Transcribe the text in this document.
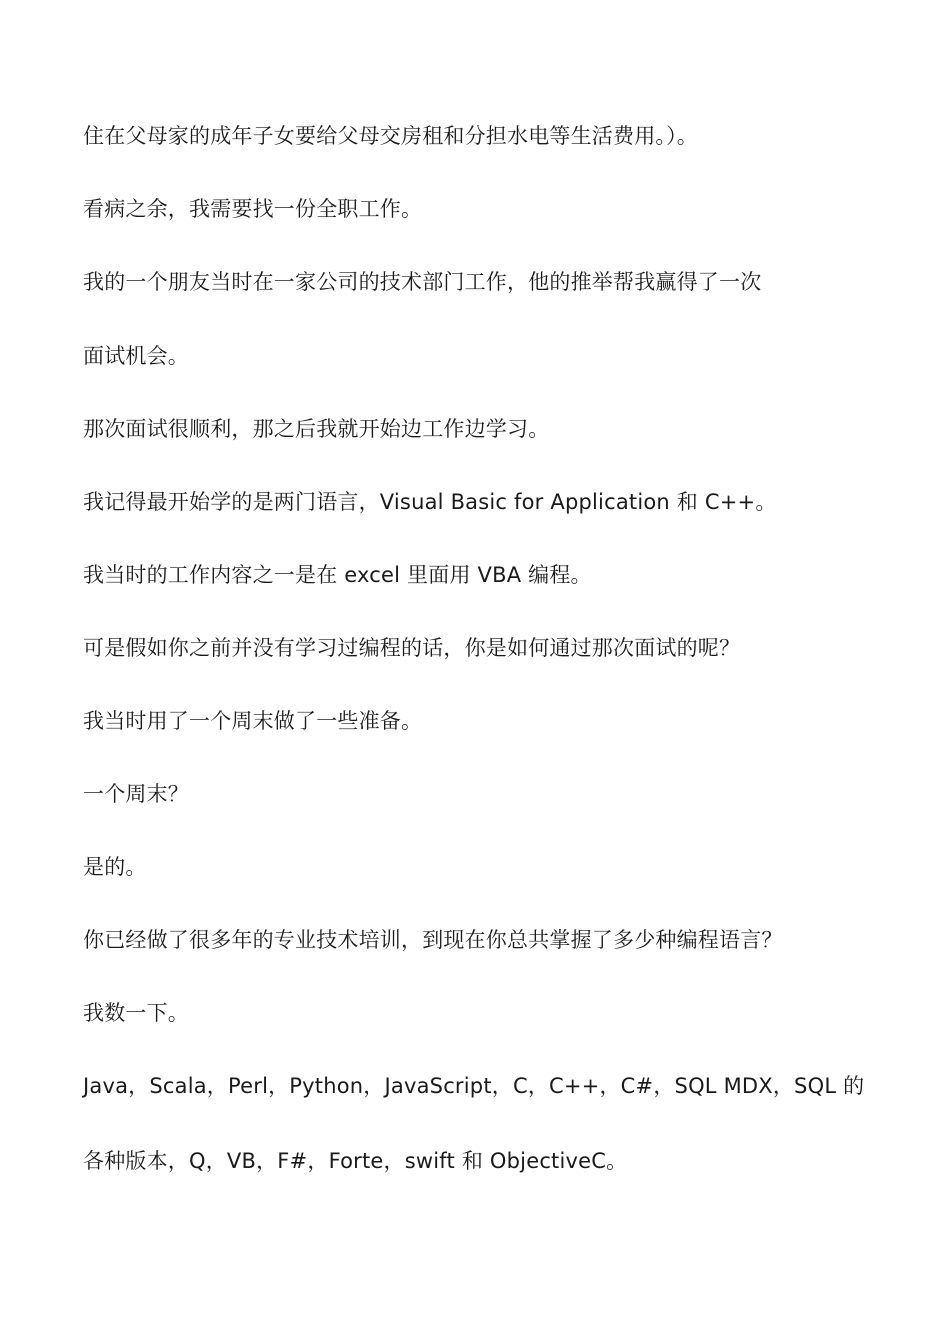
住在父母家的成年子女要给父母交房租和分担水电等生活费用。）。
看病之余，我需要找一份全职工作。
我的一个朋友当时在一家公司的技术部门工作，他的推举帮我赢得了一次
面试机会。
那次面试很顺利，那之后我就开始边工作边学习。
我记得最开始学的是两门语言，Visual Basic for Application 和 C++。
我当时的工作内容之一是在 excel 里面用 VBA 编程。
可是假如你之前并没有学习过编程的话，你是如何通过那次面试的呢？
我当时用了一个周末做了一些准备。
一个周末？
是的。
你已经做了很多年的专业技术培训，到现在你总共掌握了多少种编程语言？
我数一下。
Java，Scala，Perl，Python，JavaScript，C，C++，C#，SQL MDX，SQL 的
各种版本，Q，VB，F#，Forte，swift 和 ObjectiveC。
